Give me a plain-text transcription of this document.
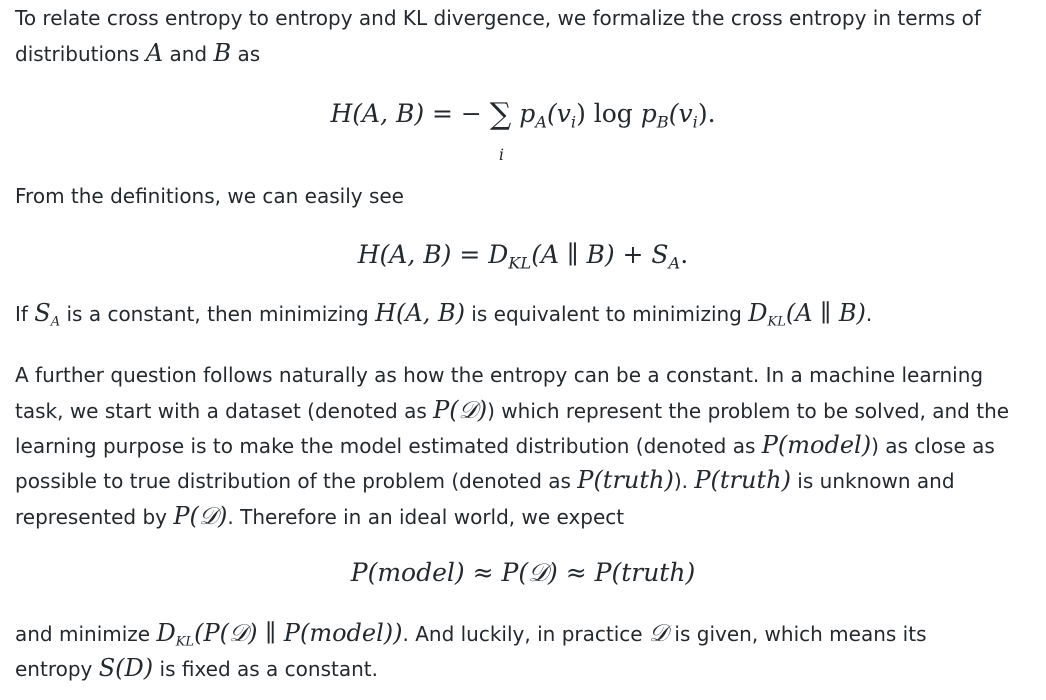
To relate cross entropy to entropy and KL divergence, we formalize the cross entropy in terms of
distributions A and B as
H(A, B) = − ∑
i
$p_A(v_i)$ $\log p_B(v_i)$.
From the definitions, we can easily see
H(A, $B) = D_{KL}(A$ ∥ $B) + S_A$.
If $S_A$ is a constant, then minimizing H(A, B) is equivalent to minimizing $D_{KL}(A$ ∥ B).
A further question follows naturally as how the entropy can be a constant. In a machine learning
task, we start with a dataset (denoted as P(𝒟)) which represent the problem to be solved, and the
learning purpose is to make the model estimated distribution (denoted as P(model)) as close as
possible to true distribution of the problem (denoted as P(truth)). P(truth) is unknown and
represented by P(𝒟). Therefore in an ideal world, we expect
P(model) ≈ P(𝒟) ≈ P(truth)
and minimize $D_{KL}(P(𝒟)$ ∥ P(model)). And luckily, in practice 𝒟 is given, which means its
entropy S(D) is fixed as a constant.
